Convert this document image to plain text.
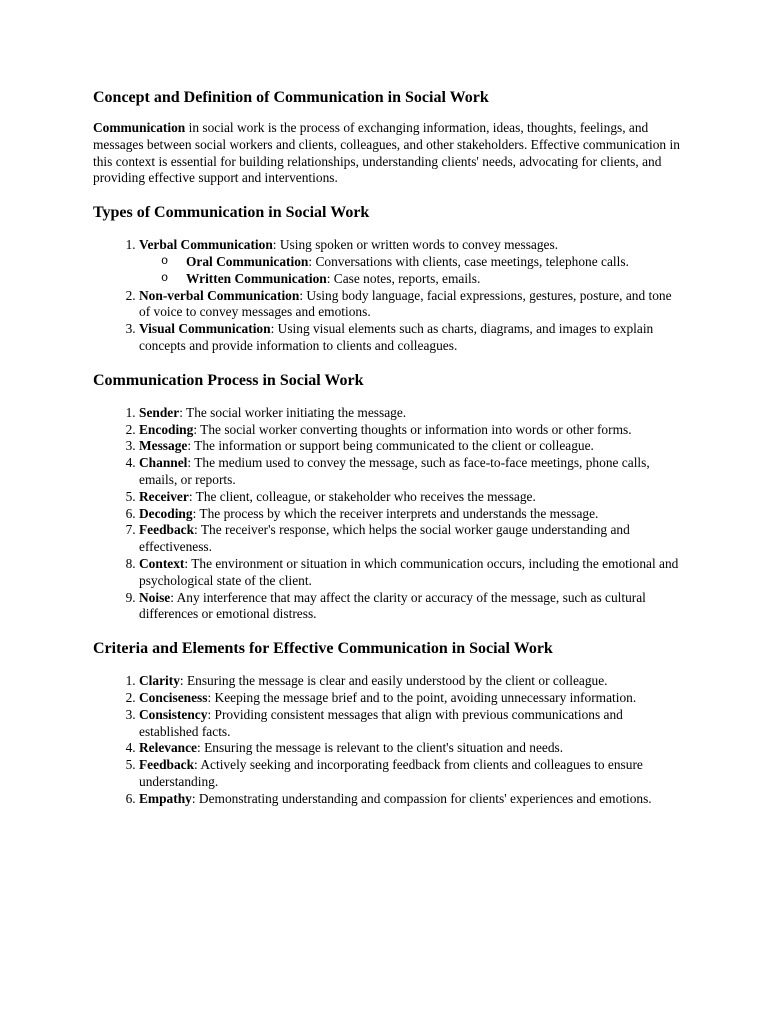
Concept and Definition of Communication in Social Work

Communication in social work is the process of exchanging information, ideas, thoughts, feelings, and messages between social workers and clients, colleagues, and other stakeholders. Effective communication in this context is essential for building relationships, understanding clients' needs, advocating for clients, and providing effective support and interventions.

Types of Communication in Social Work
1. Verbal Communication: Using spoken or written words to convey messages.
o Oral Communication: Conversations with clients, case meetings, telephone calls.
o Written Communication: Case notes, reports, emails.
2. Non-verbal Communication: Using body language, facial expressions, gestures, posture, and tone of voice to convey messages and emotions.
3. Visual Communication: Using visual elements such as charts, diagrams, and images to explain concepts and provide information to clients and colleagues.
Communication Process in Social Work
1. Sender: The social worker initiating the message.
2. Encoding: The social worker converting thoughts or information into words or other forms.
3. Message: The information or support being communicated to the client or colleague.
4. Channel: The medium used to convey the message, such as face-to-face meetings, phone calls, emails, or reports.
5. Receiver: The client, colleague, or stakeholder who receives the message.
6. Decoding: The process by which the receiver interprets and understands the message.
7. Feedback: The receiver's response, which helps the social worker gauge understanding and effectiveness.
8. Context: The environment or situation in which communication occurs, including the emotional and psychological state of the client.
9. Noise: Any interference that may affect the clarity or accuracy of the message, such as cultural differences or emotional distress.
Criteria and Elements for Effective Communication in Social Work
1. Clarity: Ensuring the message is clear and easily understood by the client or colleague.
2. Conciseness: Keeping the message brief and to the point, avoiding unnecessary information.
3. Consistency: Providing consistent messages that align with previous communications and established facts.
4. Relevance: Ensuring the message is relevant to the client's situation and needs.
5. Feedback: Actively seeking and incorporating feedback from clients and colleagues to ensure understanding.
6. Empathy: Demonstrating understanding and compassion for clients' experiences and emotions.
